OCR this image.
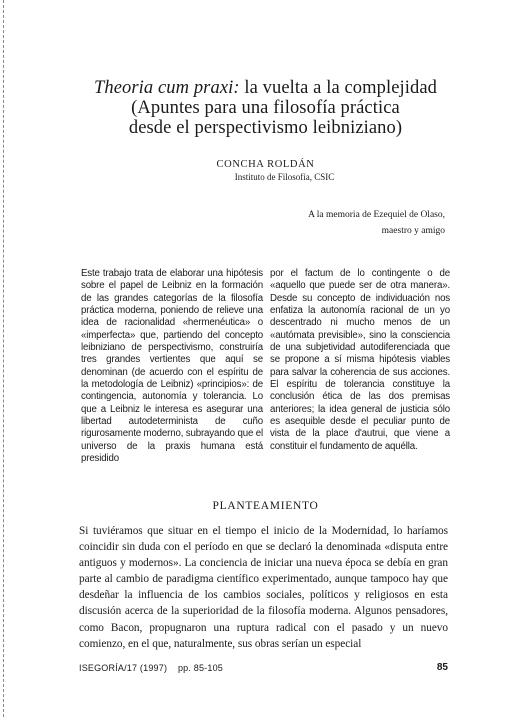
Theoria cum praxi: la vuelta a la complejidad
(Apuntes para una filosofía práctica
desde el perspectivismo leibniziano)
CONCHA ROLDÁN
Instituto de Filosofía, CSIC
A la memoria de Ezequiel de Olaso,
maestro y amigo
Este trabajo trata de elaborar una hipótesis sobre el papel de Leibniz en la formación de las grandes categorías de la filosofía práctica moderna, poniendo de relieve una idea de racionalidad «hermenéutica» o «imperfecta» que, partiendo del concepto leibniziano de perspectivismo, construiría tres grandes vertientes que aquí se denominan (de acuerdo con el espíritu de la metodología de Leibniz) «principios»: de contingencia, autonomía y tolerancia. Lo que a Leibniz le interesa es asegurar una libertad autodeterminista de cuño rigurosamente moderno, subrayando que el universo de la praxis humana está presidido
por el factum de lo contingente o de «aquello que puede ser de otra manera». Desde su concepto de individuación nos enfatiza la autonomía racional de un yo descentrado ni mucho menos de un «autómata previsible», sino la consciencia de una subjetividad autodiferenciada que se propone a sí misma hipótesis viables para salvar la coherencia de sus acciones. El espíritu de tolerancia constituye la conclusión ética de las dos premisas anteriores; la idea general de justicia sólo es asequible desde el peculiar punto de vista de la place d'autrui, que viene a constituir el fundamento de aquélla.
PLANTEAMIENTO
Si tuviéramos que situar en el tiempo el inicio de la Modernidad, lo haríamos coincidir sin duda con el período en que se declaró la denominada «disputa entre antiguos y modernos». La conciencia de iniciar una nueva época se debía en gran parte al cambio de paradigma científico experimentado, aunque tampoco hay que desdeñar la influencia de los cambios sociales, políticos y religiosos en esta discusión acerca de la superioridad de la filosofía moderna. Algunos pensadores, como Bacon, propugnaron una ruptura radical con el pasado y un nuevo comienzo, en el que, naturalmente, sus obras serían un especial
ISEGORÍA/17 (1997) pp. 85-105	85
